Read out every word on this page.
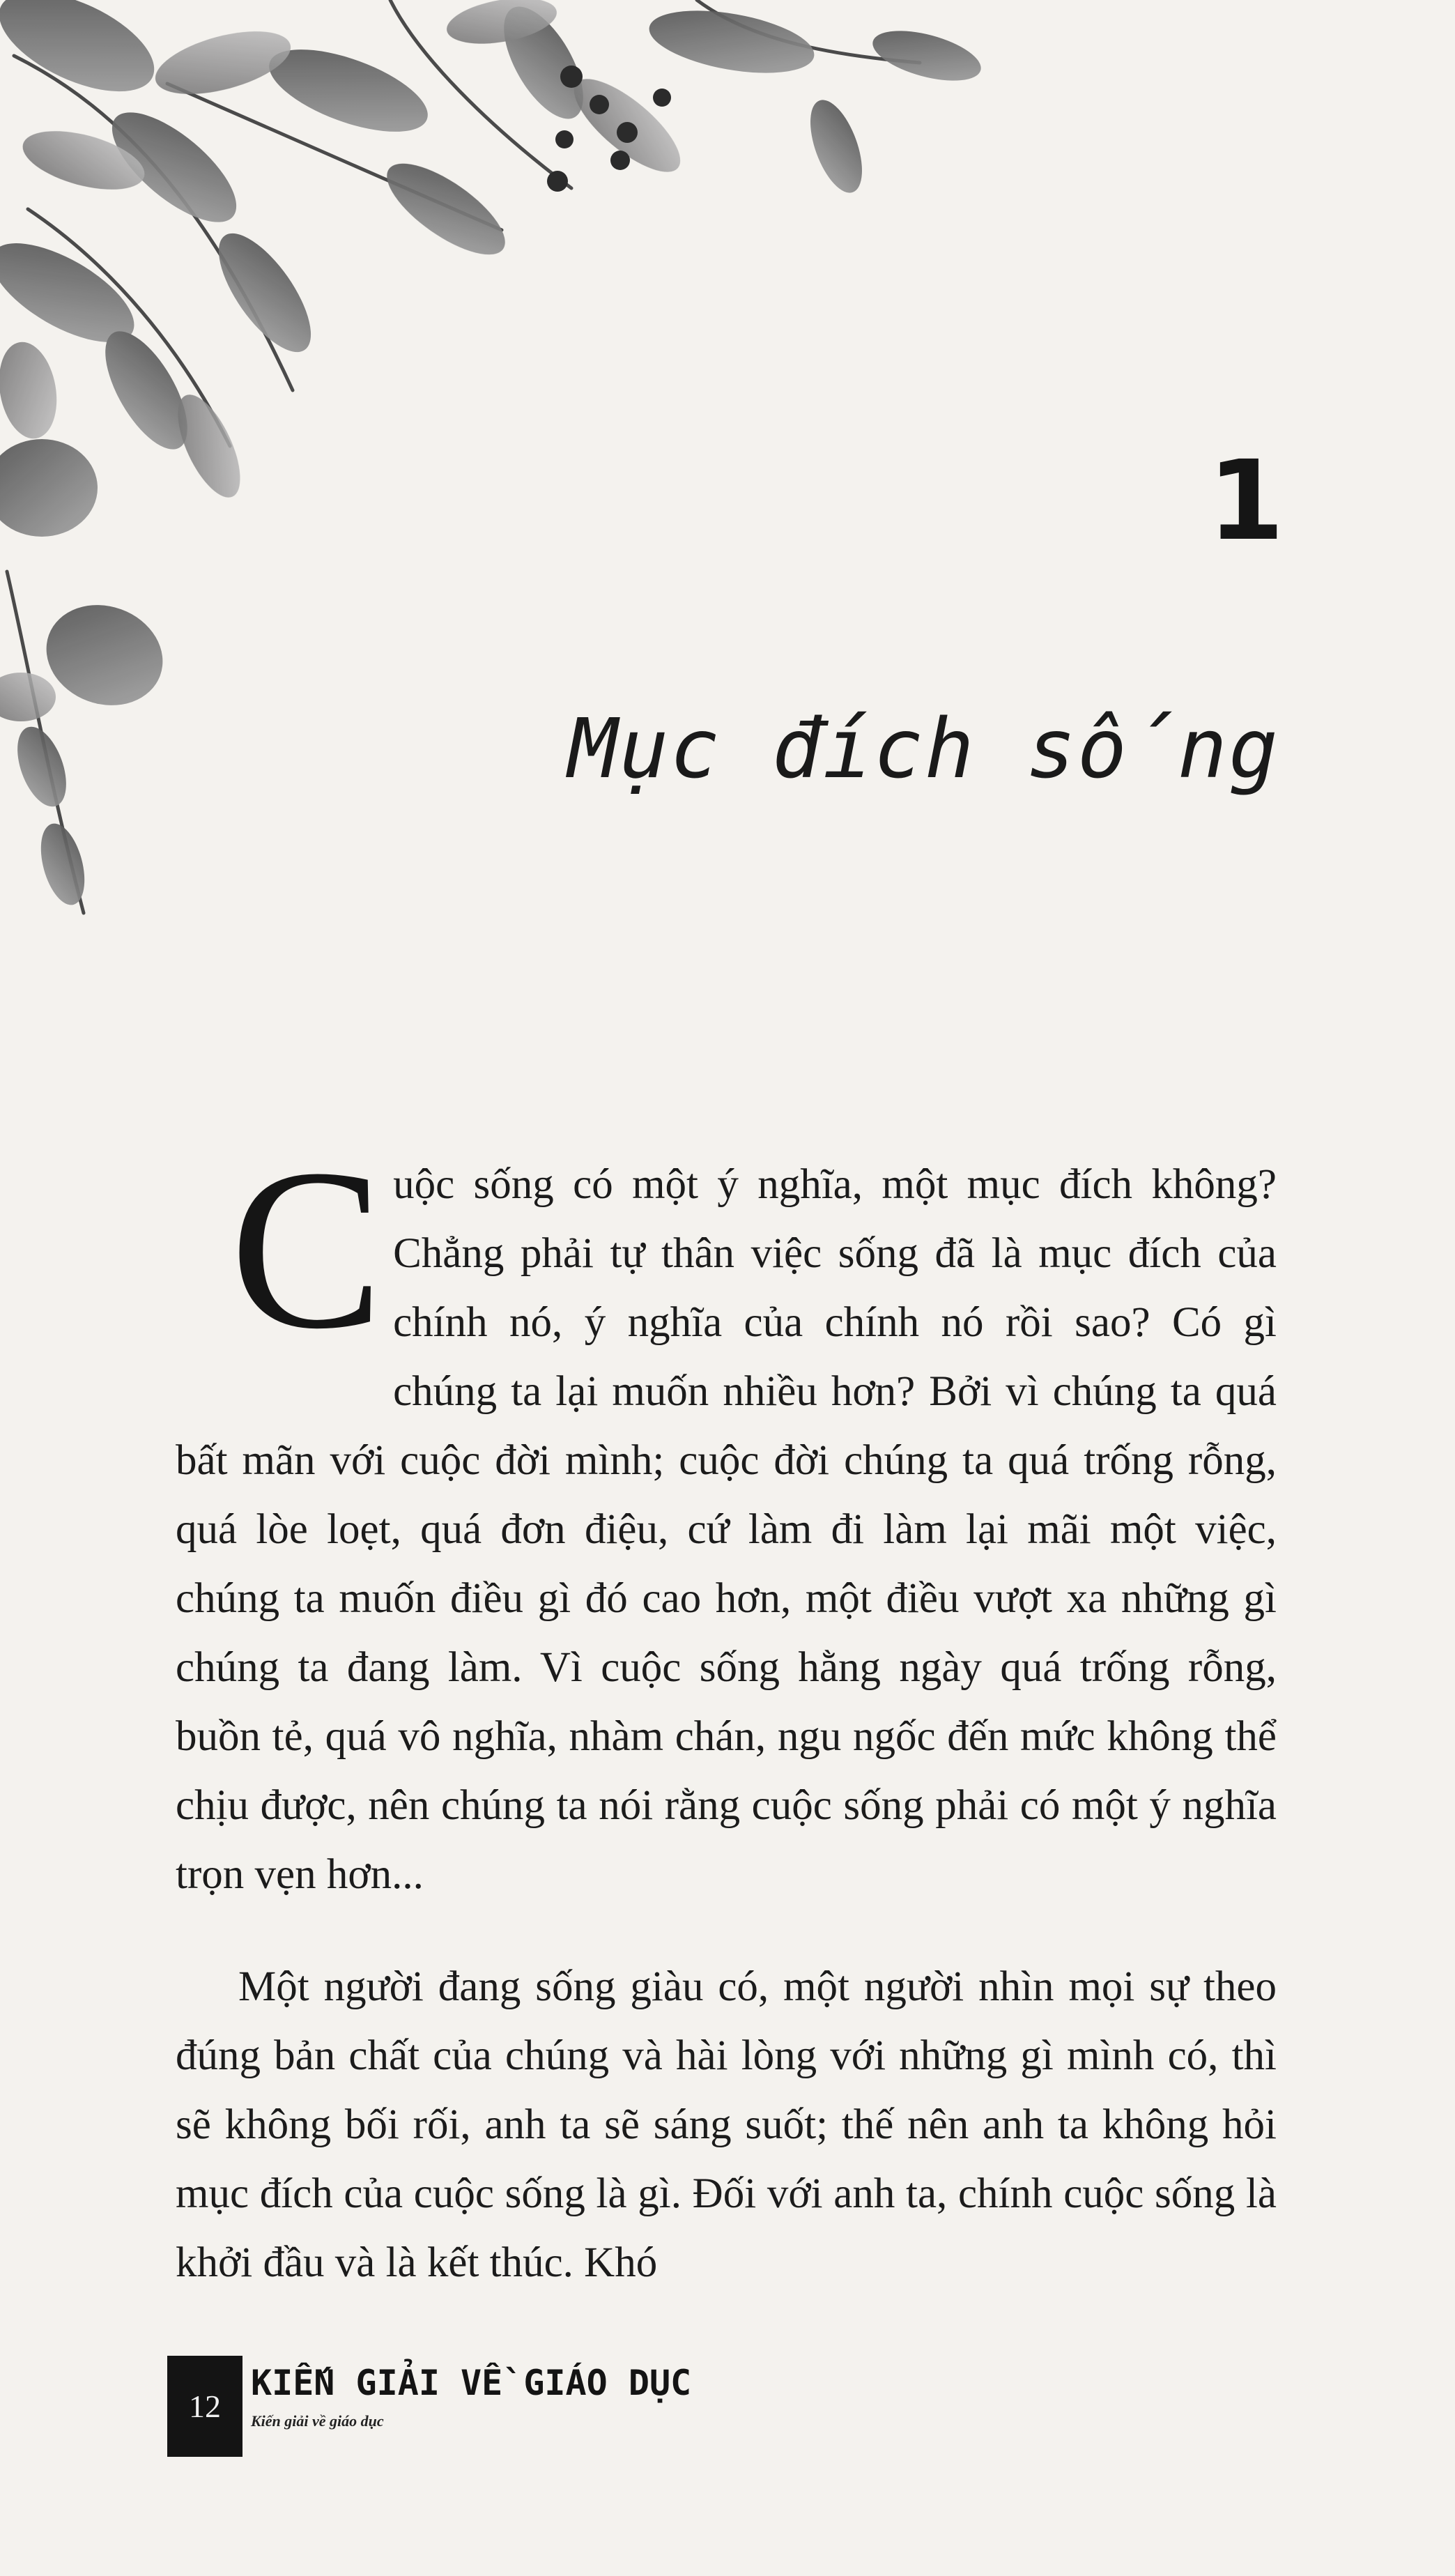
1
Mục đích sống

Cuộc sống có một ý nghĩa, một mục đích không? Chẳng phải tự thân việc sống đã là mục đích của chính nó, ý nghĩa của chính nó rồi sao? Có gì chúng ta lại muốn nhiều hơn? Bởi vì chúng ta quá bất mãn với cuộc đời mình; cuộc đời chúng ta quá trống rỗng, quá lòe loẹt, quá đơn điệu, cứ làm đi làm lại mãi một việc, chúng ta muốn điều gì đó cao hơn, một điều vượt xa những gì chúng ta đang làm. Vì cuộc sống hằng ngày quá trống rỗng, buồn tẻ, quá vô nghĩa, nhàm chán, ngu ngốc đến mức không thể chịu được, nên chúng ta nói rằng cuộc sống phải có một ý nghĩa trọn vẹn hơn...

Một người đang sống giàu có, một người nhìn mọi sự theo đúng bản chất của chúng và hài lòng với những gì mình có, thì sẽ không bối rối, anh ta sẽ sáng suốt; thế nên anh ta không hỏi mục đích của cuộc sống là gì. Đối với anh ta, chính cuộc sống là khởi đầu và là kết thúc. Khó

12
KIẾN GIẢI VỀ GIÁO DỤC
Kiến giải về giáo dục
